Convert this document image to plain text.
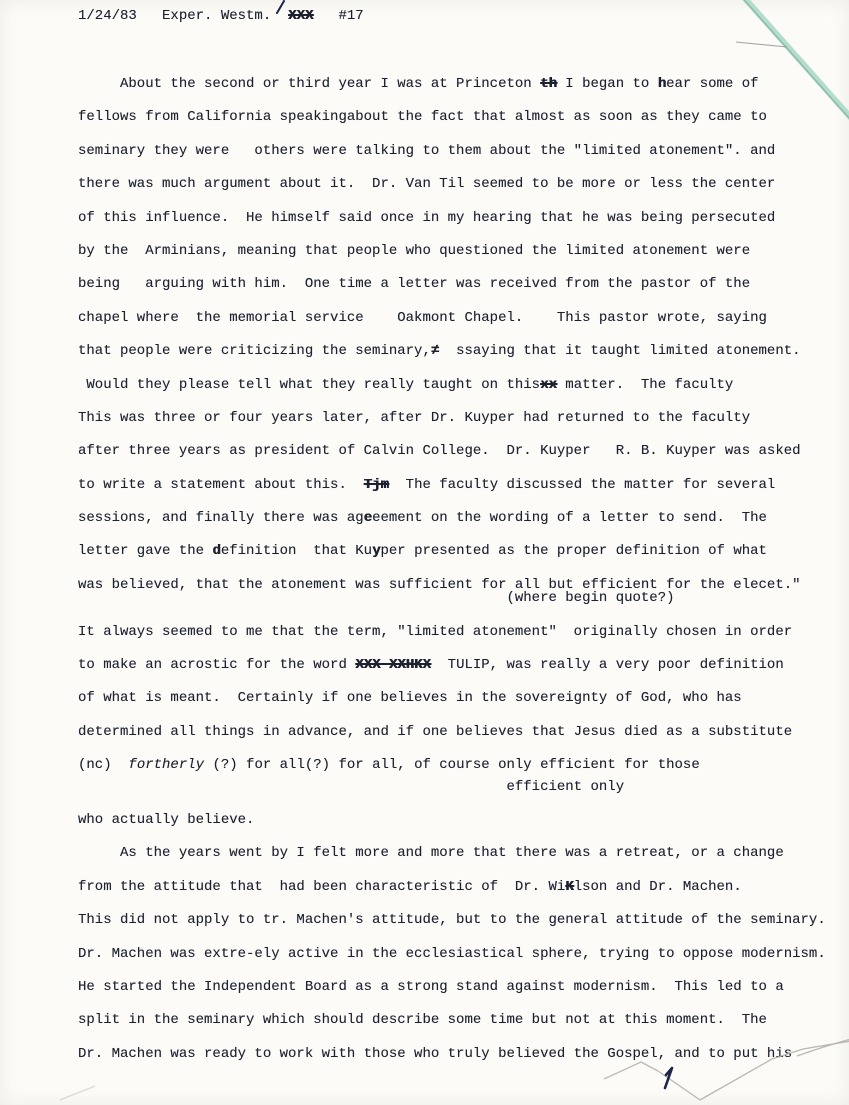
1/24/83   Exper. Westm.  XXX   #17
About the second or third year I was at Princeton th I began to hear some of
fellows from California speakingabout the fact that almost as soon as they came to
seminary they were   others were talking to them about the "limited atonement". and
there was much argument about it.  Dr. Van Til seemed to be more or less the center
of this influence.  He himself said once in my hearing that he was being persecuted
by the  Arminians, meaning that people who questioned the limited atonement were
being   arguing with him.  One time a letter was received from the pastor of the
chapel where  the memorial service    Oakmont Chapel.    This pastor wrote, saying
that people were criticizing the seminary,≠  ssaying that it taught limited atonement.
Would they please tell what they really taught on thisxx matter.  The faculty
This was three or four years later, after Dr. Kuyper had returned to the faculty
after three years as president of Calvin College.  Dr. Kuyper   R. B. Kuyper was asked
to write a statement about this.  Tjm  The faculty discussed the matter for several
sessions, and finally there was ageeement on the wording of a letter to send.  The
letter gave the definition  that Kuyper presented as the proper definition of what
was believed, that the atonement was sufficient for all but efficient for the elecet."
(where begin quote?)
It always seemed to me that the term, "limited atonement"  originally chosen in order
to make an acrostic for the word XXX XXHKX  TULIP, was really a very poor definition
of what is meant.  Certainly if one believes in the sovereignty of God, who has
determined all things in advance, and if one believes that Jesus died as a substitute
(nc)  fortherly (?) for all(?) for all, of course only efficient for those
efficient only
who actually believe.
As the years went by I felt more and more that there was a retreat, or a change
from the attitude that  had been characteristic of  Dr. WiKlson and Dr. Machen.
This did not apply to tr. Machen's attitude, but to the general attitude of the seminary.
Dr. Machen was extre-ely active in the ecclesiastical sphere, trying to oppose modernism.
He started the Independent Board as a strong stand against modernism.  This led to a
split in the seminary which should describe some time but not at this moment.  The
Dr. Machen was ready to work with those who truly believed the Gospel, and to put his
